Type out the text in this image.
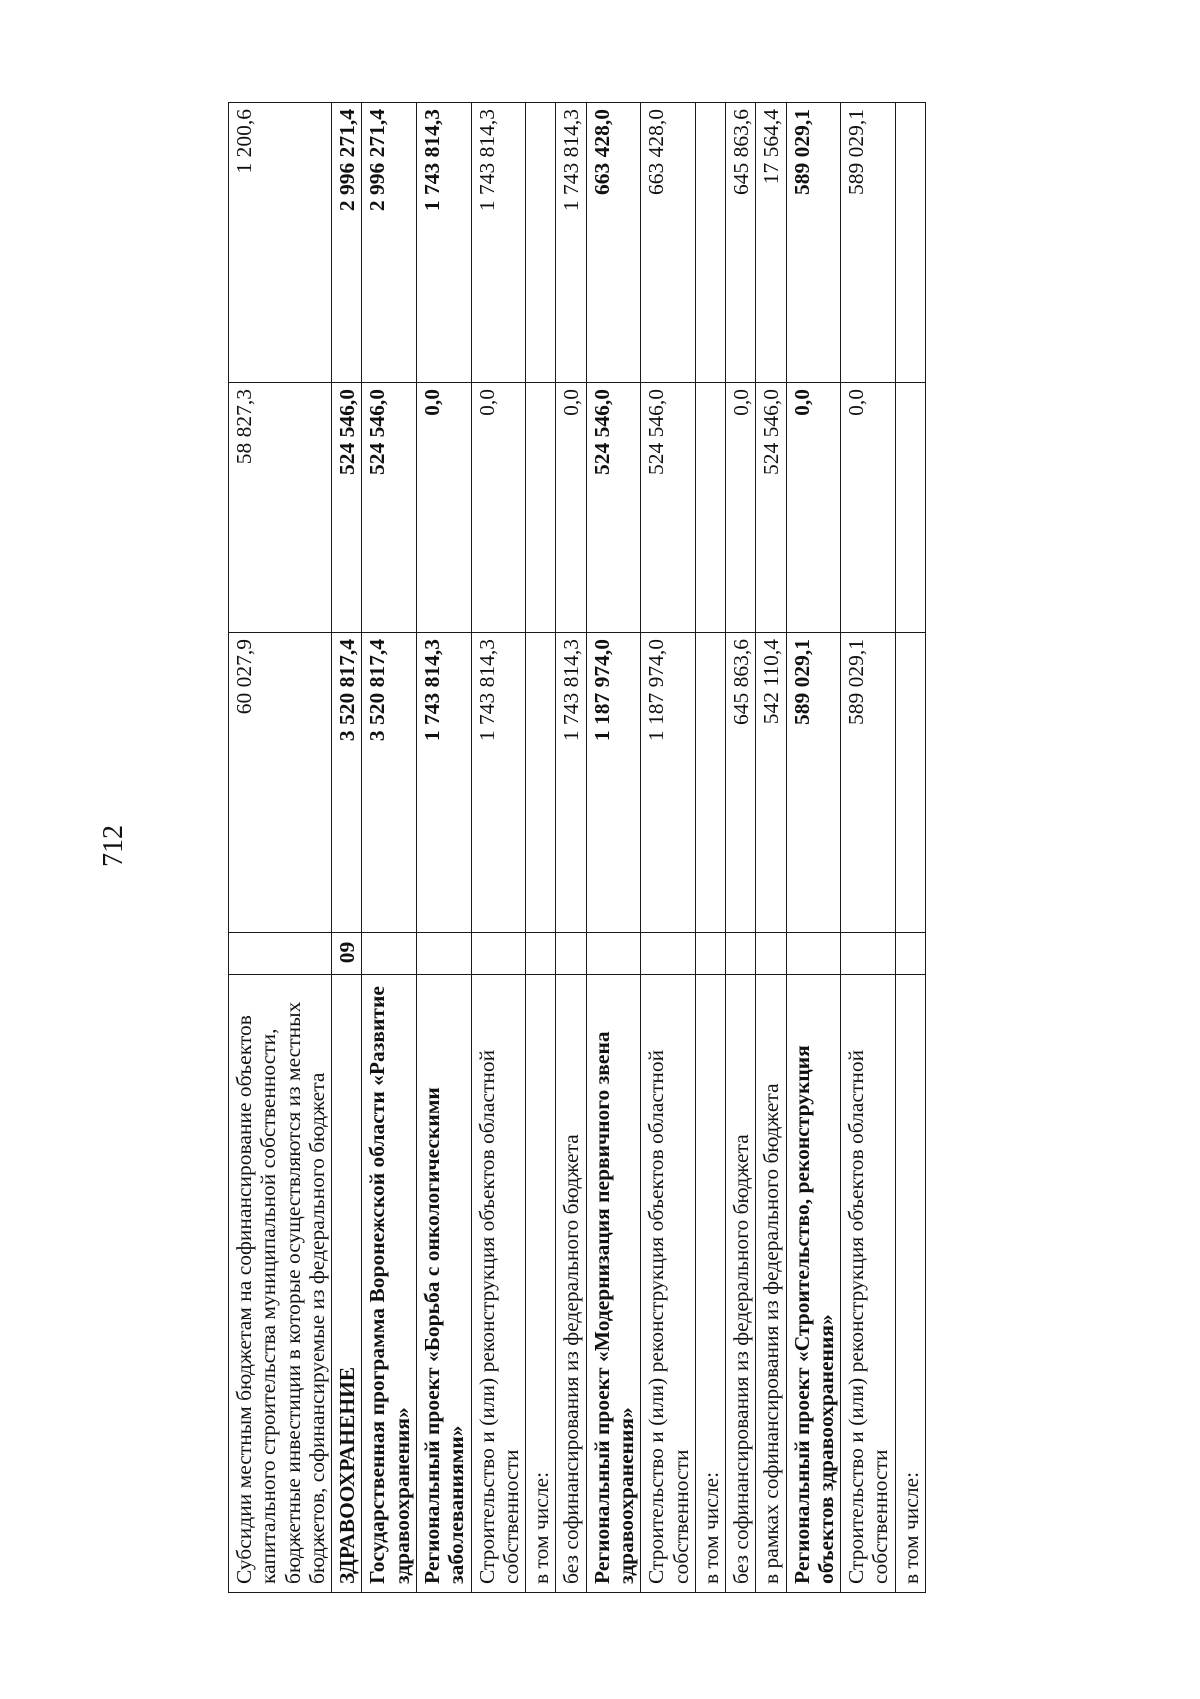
712
Субсидии местным бюджетам на софинансирование объектов капитального строительства муниципальной собственности, бюджетные инвестиции в которые осуществляются из местных бюджетов, софинансируемые из федерального бюджета		60 027,9	58 827,3	1 200,6
ЗДРАВООХРАНЕНИЕ	09	3 520 817,4	524 546,0	2 996 271,4
Государственная программа Воронежской области «Развитие здравоохранения»		3 520 817,4	524 546,0	2 996 271,4
Региональный проект «Борьба с онкологическими заболеваниями»		1 743 814,3	0,0	1 743 814,3
Строительство и (или) реконструкция объектов областной собственности		1 743 814,3	0,0	1 743 814,3
в том числе:				
без софинансирования из федерального бюджета		1 743 814,3	0,0	1 743 814,3
Региональный проект «Модернизация первичного звена здравоохранения»		1 187 974,0	524 546,0	663 428,0
Строительство и (или) реконструкция объектов областной собственности		1 187 974,0	524 546,0	663 428,0
в том числе:				
без софинансирования из федерального бюджета		645 863,6	0,0	645 863,6
в рамках софинансирования из федерального бюджета		542 110,4	524 546,0	17 564,4
Региональный проект «Строительство, реконструкция объектов здравоохранения»		589 029,1	0,0	589 029,1
Строительство и (или) реконструкция объектов областной собственности		589 029,1	0,0	589 029,1
в том числе:				
